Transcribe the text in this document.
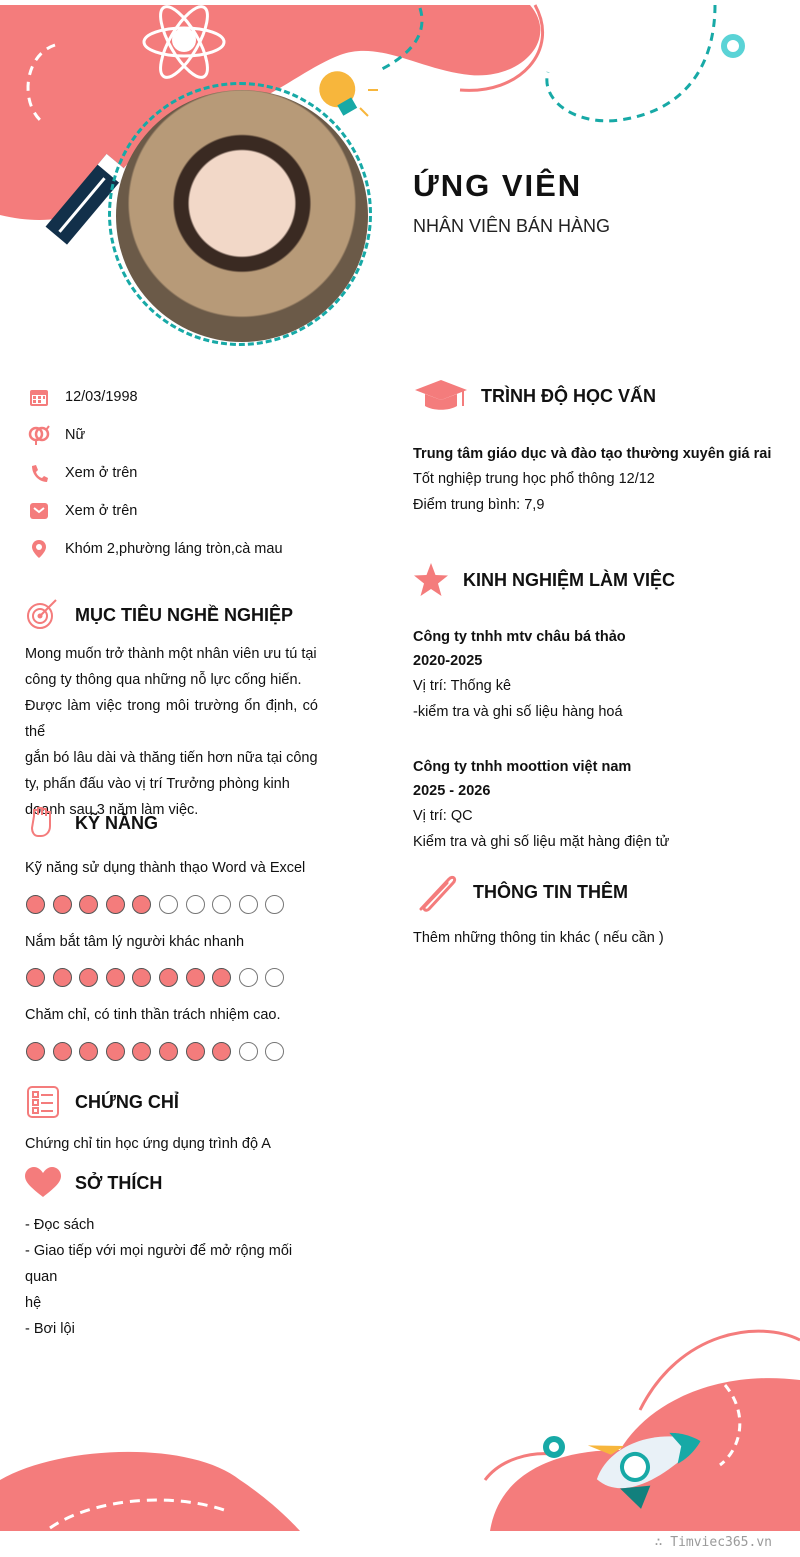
ỨNG VIÊN
NHÂN VIÊN BÁN HÀNG
12/03/1998
Nữ
Xem ở trên
Xem ở trên
Khóm 2,phường láng tròn,cà mau
MỤC TIÊU NGHỀ NGHIỆP
Mong muốn trở thành một nhân viên ưu tú tại
công ty thông qua những nỗ lực cống hiến.
Được làm việc trong môi trường ổn định, có thể
gắn bó lâu dài và thăng tiến hơn nữa tại công
ty, phấn đấu vào vị trí Trưởng phòng kinh
doanh sau 3 năm làm việc.
KỸ NĂNG
Kỹ năng sử dụng thành thạo Word và Excel
Nắm bắt tâm lý người khác nhanh
Chăm chỉ, có tinh thần trách nhiệm cao.
CHỨNG CHỈ
Chứng chỉ tin học ứng dụng trình độ A
SỞ THÍCH
- Đọc sách
- Giao tiếp với mọi người để mở rộng mối quan
hệ
- Bơi lội
TRÌNH ĐỘ HỌC VẤN
Trung tâm giáo dục và đào tạo thường xuyên giá rai
Tốt nghiệp trung học phổ thông 12/12
Điểm trung bình: 7,9
KINH NGHIỆM LÀM VIỆC
Công ty tnhh mtv châu bá thảo
2020-2025
Vị trí: Thống kê
-kiểm tra và ghi số liệu hàng hoá
Công ty tnhh moottion việt nam
2025 - 2026
Vị trí: QC
Kiểm tra và ghi số liệu mặt hàng điện tử
THÔNG TIN THÊM
Thêm những thông tin khác ( nếu cần )
∴ Timviec365.vn
